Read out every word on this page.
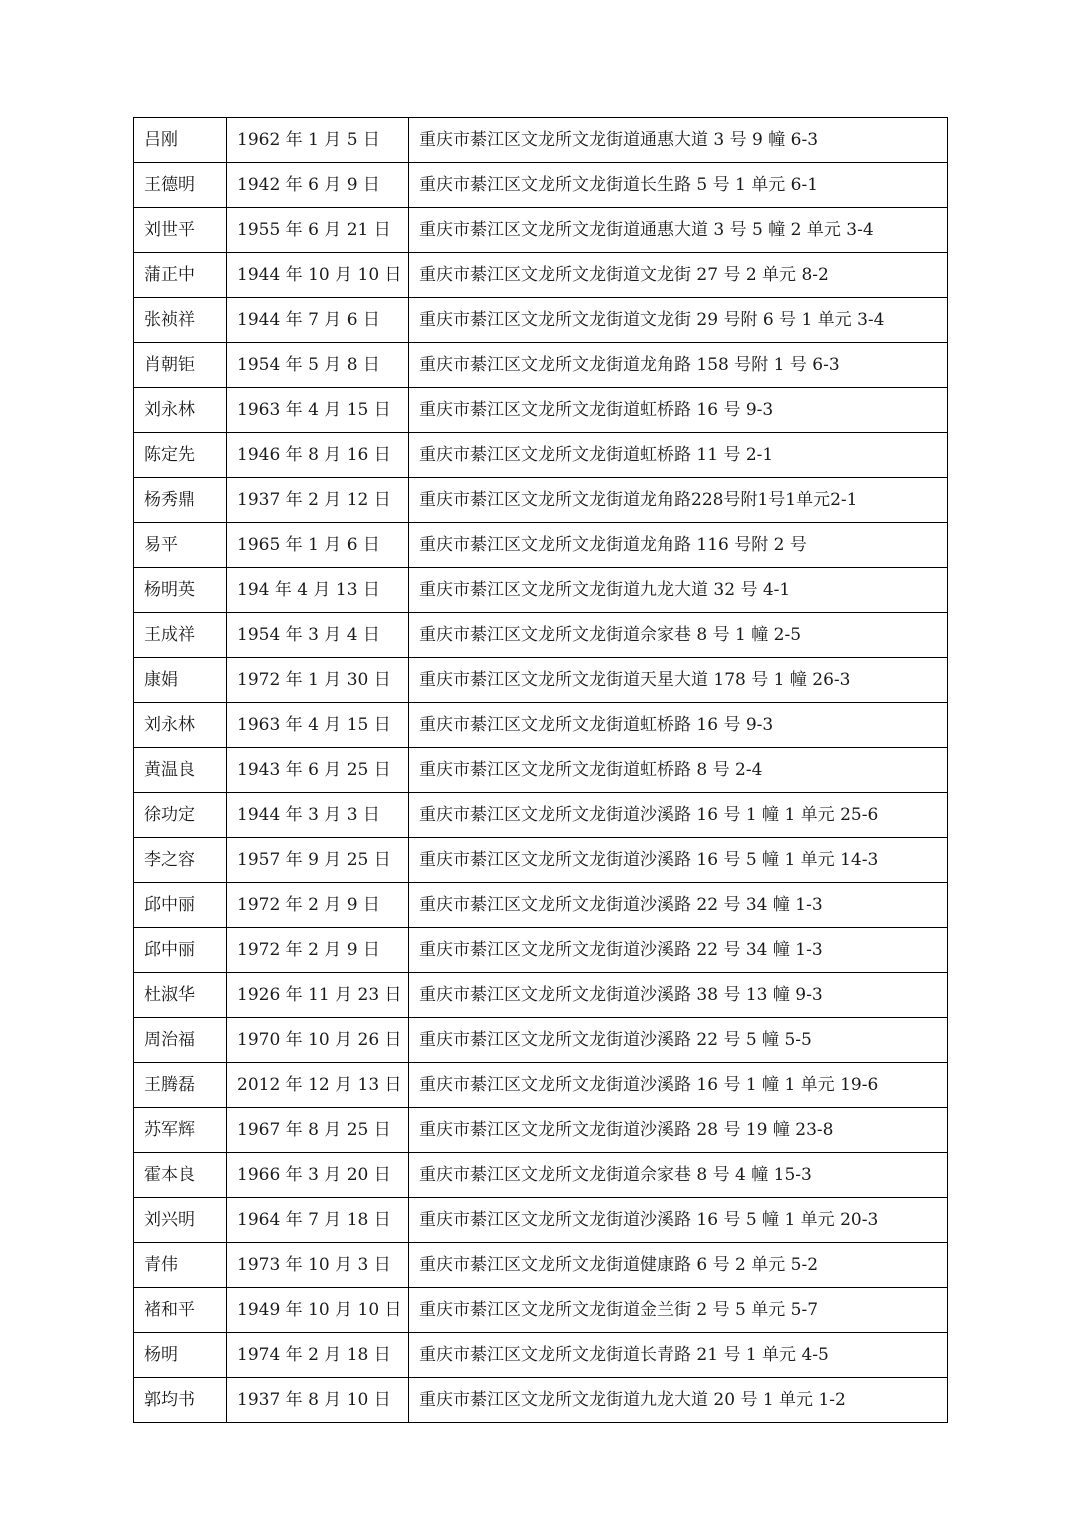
吕刚	1962 年 1 月 5 日	重庆市綦江区文龙所文龙街道通惠大道 3 号 9 幢 6-3
王德明	1942 年 6 月 9 日	重庆市綦江区文龙所文龙街道长生路 5 号 1 单元 6-1
刘世平	1955 年 6 月 21 日	重庆市綦江区文龙所文龙街道通惠大道 3 号 5 幢 2 单元 3-4
蒲正中	1944 年 10 月 10 日	重庆市綦江区文龙所文龙街道文龙街 27 号 2 单元 8-2
张祯祥	1944 年 7 月 6 日	重庆市綦江区文龙所文龙街道文龙街 29 号附 6 号 1 单元 3-4
肖朝钜	1954 年 5 月 8 日	重庆市綦江区文龙所文龙街道龙角路 158 号附 1 号 6-3
刘永林	1963 年 4 月 15 日	重庆市綦江区文龙所文龙街道虹桥路 16 号 9-3
陈定先	1946 年 8 月 16 日	重庆市綦江区文龙所文龙街道虹桥路 11 号 2-1
杨秀鼎	1937 年 2 月 12 日	重庆市綦江区文龙所文龙街道龙角路228号附1号1单元2-1
易平	1965 年 1 月 6 日	重庆市綦江区文龙所文龙街道龙角路 116 号附 2 号
杨明英	194 年 4 月 13 日	重庆市綦江区文龙所文龙街道九龙大道 32 号 4-1
王成祥	1954 年 3 月 4 日	重庆市綦江区文龙所文龙街道佘家巷 8 号 1 幢 2-5
康娟	1972 年 1 月 30 日	重庆市綦江区文龙所文龙街道天星大道 178 号 1 幢 26-3
刘永林	1963 年 4 月 15 日	重庆市綦江区文龙所文龙街道虹桥路 16 号 9-3
黄温良	1943 年 6 月 25 日	重庆市綦江区文龙所文龙街道虹桥路 8 号 2-4
徐功定	1944 年 3 月 3 日	重庆市綦江区文龙所文龙街道沙溪路 16 号 1 幢 1 单元 25-6
李之容	1957 年 9 月 25 日	重庆市綦江区文龙所文龙街道沙溪路 16 号 5 幢 1 单元 14-3
邱中丽	1972 年 2 月 9 日	重庆市綦江区文龙所文龙街道沙溪路 22 号 34 幢 1-3
邱中丽	1972 年 2 月 9 日	重庆市綦江区文龙所文龙街道沙溪路 22 号 34 幢 1-3
杜淑华	1926 年 11 月 23 日	重庆市綦江区文龙所文龙街道沙溪路 38 号 13 幢 9-3
周治福	1970 年 10 月 26 日	重庆市綦江区文龙所文龙街道沙溪路 22 号 5 幢 5-5
王腾磊	2012 年 12 月 13 日	重庆市綦江区文龙所文龙街道沙溪路 16 号 1 幢 1 单元 19-6
苏军辉	1967 年 8 月 25 日	重庆市綦江区文龙所文龙街道沙溪路 28 号 19 幢 23-8
霍本良	1966 年 3 月 20 日	重庆市綦江区文龙所文龙街道佘家巷 8 号 4 幢 15-3
刘兴明	1964 年 7 月 18 日	重庆市綦江区文龙所文龙街道沙溪路 16 号 5 幢 1 单元 20-3
青伟	1973 年 10 月 3 日	重庆市綦江区文龙所文龙街道健康路 6 号 2 单元 5-2
褚和平	1949 年 10 月 10 日	重庆市綦江区文龙所文龙街道金兰街 2 号 5 单元 5-7
杨明	1974 年 2 月 18 日	重庆市綦江区文龙所文龙街道长青路 21 号 1 单元 4-5
郭均书	1937 年 8 月 10 日	重庆市綦江区文龙所文龙街道九龙大道 20 号 1 单元 1-2
